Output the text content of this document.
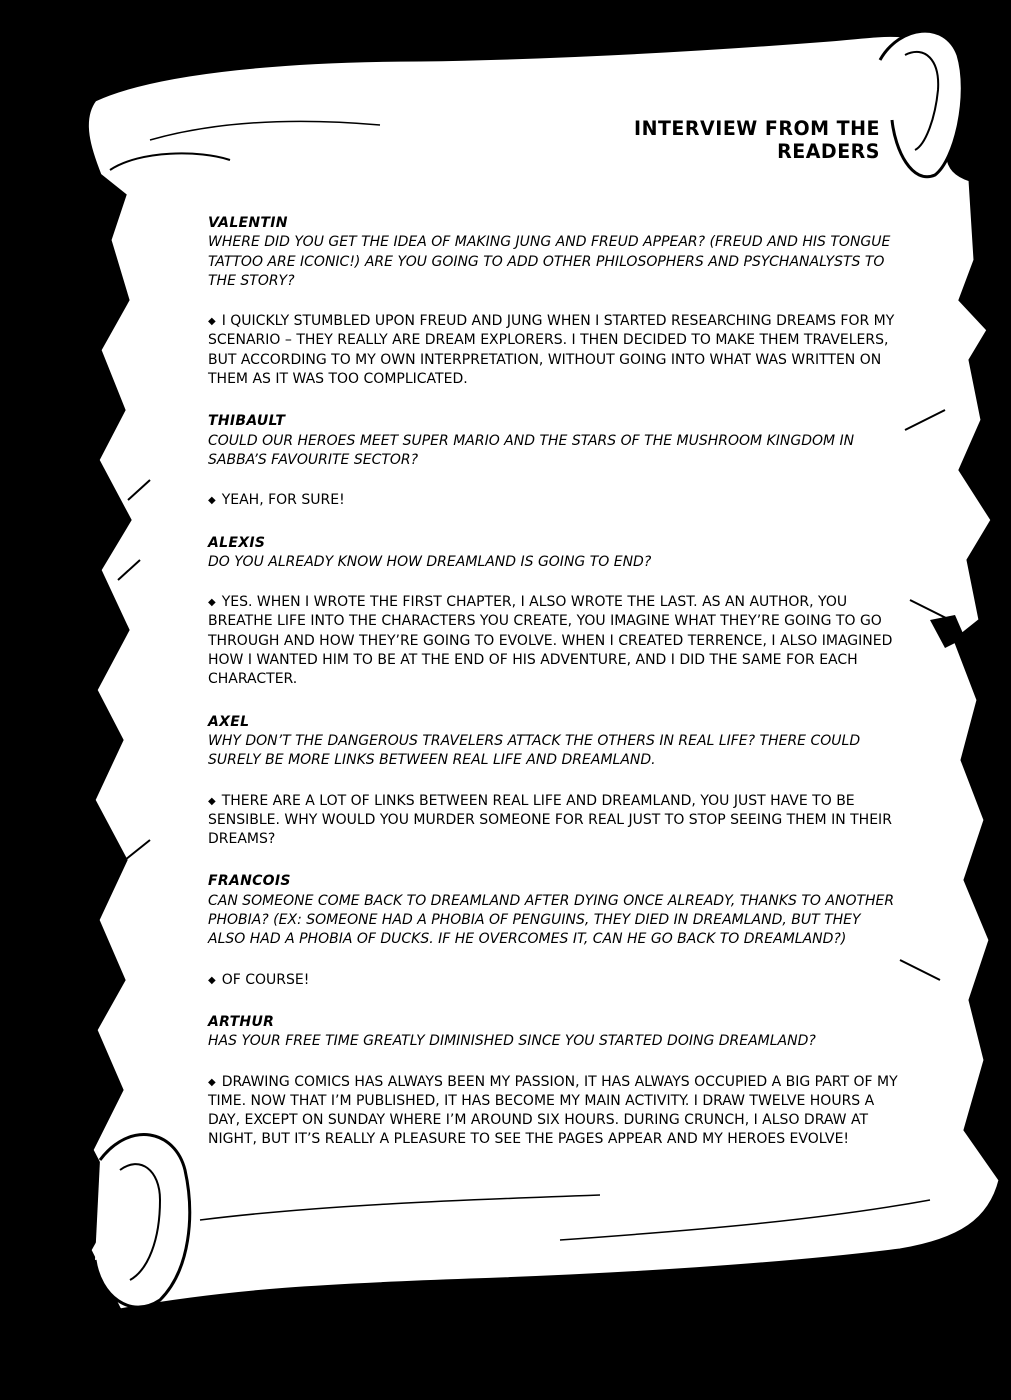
INTERVIEW FROM THE READERS
VALENTIN
WHERE DID YOU GET THE IDEA OF MAKING JUNG AND FREUD APPEAR? (FREUD AND HIS TONGUE TATTOO ARE ICONIC!) ARE YOU GOING TO ADD OTHER PHILOSOPHERS AND PSYCHANALYSTS TO THE STORY?
◆ I QUICKLY STUMBLED UPON FREUD AND JUNG WHEN I STARTED RESEARCHING DREAMS FOR MY SCENARIO – THEY REALLY ARE DREAM EXPLORERS. I THEN DECIDED TO MAKE THEM TRAVELERS, BUT ACCORDING TO MY OWN INTERPRETATION, WITHOUT GOING INTO WHAT WAS WRITTEN ON THEM AS IT WAS TOO COMPLICATED.
THIBAULT
COULD OUR HEROES MEET SUPER MARIO AND THE STARS OF THE MUSHROOM KINGDOM IN SABBA’S FAVOURITE SECTOR?
◆ YEAH, FOR SURE!
ALEXIS
DO YOU ALREADY KNOW HOW DREAMLAND IS GOING TO END?
◆ YES. WHEN I WROTE THE FIRST CHAPTER, I ALSO WROTE THE LAST. AS AN AUTHOR, YOU BREATHE LIFE INTO THE CHARACTERS YOU CREATE, YOU IMAGINE WHAT THEY’RE GOING TO GO THROUGH AND HOW THEY’RE GOING TO EVOLVE. WHEN I CREATED TERRENCE, I ALSO IMAGINED HOW I WANTED HIM TO BE AT THE END OF HIS ADVENTURE, AND I DID THE SAME FOR EACH CHARACTER.
AXEL
WHY DON’T THE DANGEROUS TRAVELERS ATTACK THE OTHERS IN REAL LIFE? THERE COULD SURELY BE MORE LINKS BETWEEN REAL LIFE AND DREAMLAND.
◆ THERE ARE A LOT OF LINKS BETWEEN REAL LIFE AND DREAMLAND, YOU JUST HAVE TO BE SENSIBLE. WHY WOULD YOU MURDER SOMEONE FOR REAL JUST TO STOP SEEING THEM IN THEIR DREAMS?
FRANCOIS
CAN SOMEONE COME BACK TO DREAMLAND AFTER DYING ONCE ALREADY, THANKS TO ANOTHER PHOBIA? (EX: SOMEONE HAD A PHOBIA OF PENGUINS, THEY DIED IN DREAMLAND, BUT THEY ALSO HAD A PHOBIA OF DUCKS. IF HE OVERCOMES IT, CAN HE GO BACK TO DREAMLAND?)
◆ OF COURSE!
ARTHUR
HAS YOUR FREE TIME GREATLY DIMINISHED SINCE YOU STARTED DOING DREAMLAND?
◆ DRAWING COMICS HAS ALWAYS BEEN MY PASSION, IT HAS ALWAYS OCCUPIED A BIG PART OF MY TIME. NOW THAT I’M PUBLISHED, IT HAS BECOME MY MAIN ACTIVITY. I DRAW TWELVE HOURS A DAY, EXCEPT ON SUNDAY WHERE I’M AROUND SIX HOURS. DURING CRUNCH, I ALSO DRAW AT NIGHT, BUT IT’S REALLY A PLEASURE TO SEE THE PAGES APPEAR AND MY HEROES EVOLVE!
